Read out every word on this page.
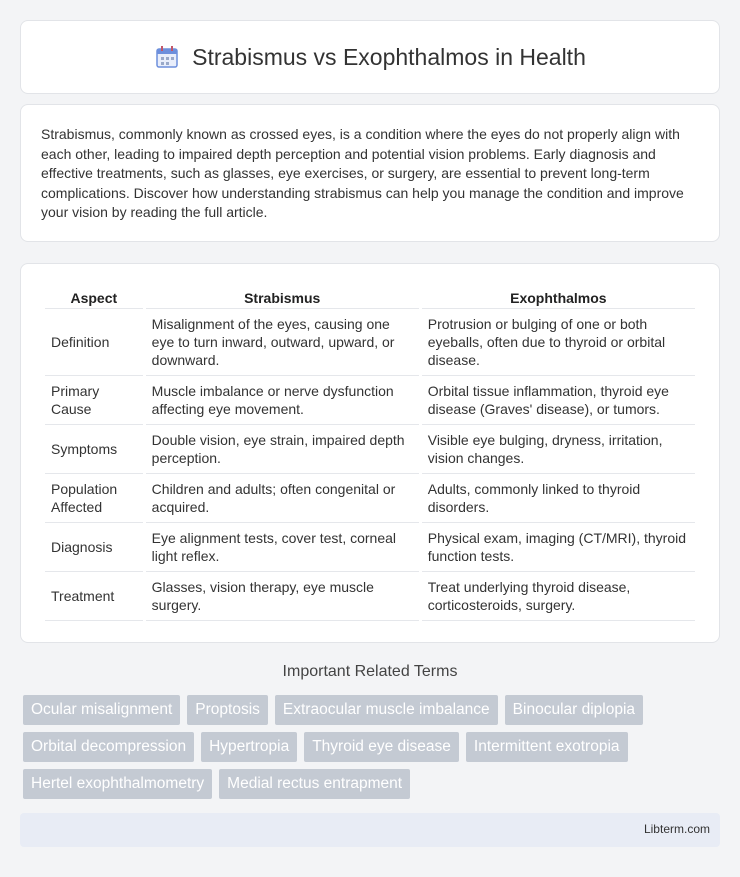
Strabismus vs Exophthalmos in Health

Strabismus, commonly known as crossed eyes, is a condition where the eyes do not properly align with each other, leading to impaired depth perception and potential vision problems. Early diagnosis and effective treatments, such as glasses, eye exercises, or surgery, are essential to prevent long-term complications. Discover how understanding strabismus can help you manage the condition and improve your vision by reading the full article.

Aspect	Strabismus	Exophthalmos
Definition	Misalignment of the eyes, causing one eye to turn inward, outward, upward, or downward.	Protrusion or bulging of one or both eyeballs, often due to thyroid or orbital disease.
Primary Cause	Muscle imbalance or nerve dysfunction affecting eye movement.	Orbital tissue inflammation, thyroid eye disease (Graves' disease), or tumors.
Symptoms	Double vision, eye strain, impaired depth perception.	Visible eye bulging, dryness, irritation, vision changes.
Population Affected	Children and adults; often congenital or acquired.	Adults, commonly linked to thyroid disorders.
Diagnosis	Eye alignment tests, cover test, corneal light reflex.	Physical exam, imaging (CT/MRI), thyroid function tests.
Treatment	Glasses, vision therapy, eye muscle surgery.	Treat underlying thyroid disease, corticosteroids, surgery.
Important Related Terms
Ocular misalignment	Proptosis	Extraocular muscle imbalance	Binocular diplopia
Orbital decompression	Hypertropia	Thyroid eye disease	Intermittent exotropia
Hertel exophthalmometry	Medial rectus entrapment
Libterm.com
